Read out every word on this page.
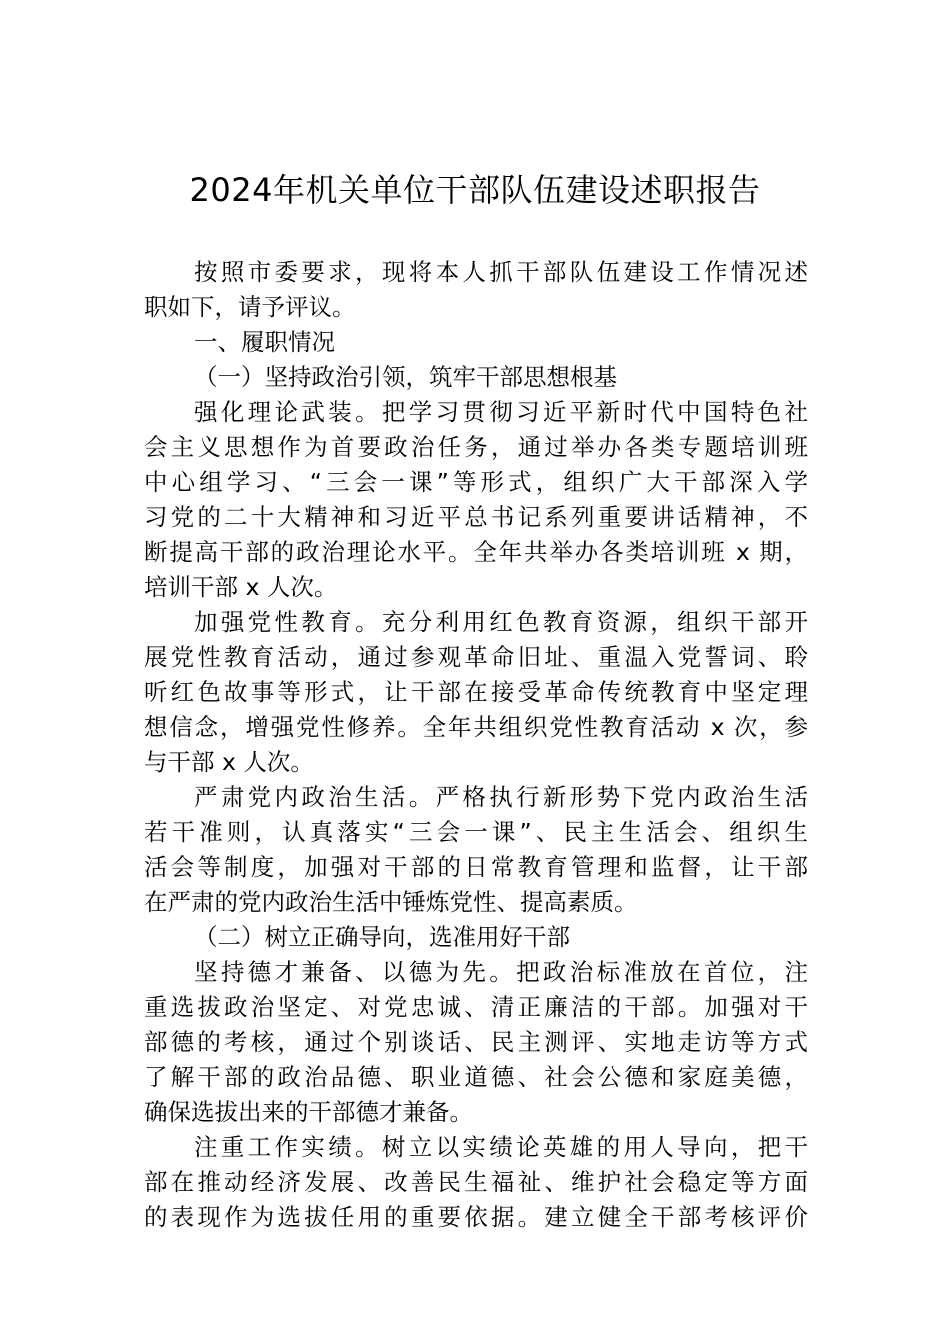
2024年机关单位干部队伍建设述职报告
按照市委要求，现将本人抓干部队伍建设工作情况述
职如下，请予评议。
一、履职情况
（一）坚持政治引领，筑牢干部思想根基
强化理论武装。把学习贯彻习近平新时代中国特色社
会主义思想作为首要政治任务，通过举办各类专题培训班
中心组学习、“三会一课”等形式，组织广大干部深入学
习党的二十大精神和习近平总书记系列重要讲话精神，不
断提高干部的政治理论水平。全年共举办各类培训班 x 期，
培训干部 x 人次。
加强党性教育。充分利用红色教育资源，组织干部开
展党性教育活动，通过参观革命旧址、重温入党誓词、聆
听红色故事等形式，让干部在接受革命传统教育中坚定理
想信念，增强党性修养。全年共组织党性教育活动 x 次，参
与干部 x 人次。
严肃党内政治生活。严格执行新形势下党内政治生活
若干准则，认真落实“三会一课”、民主生活会、组织生
活会等制度，加强对干部的日常教育管理和监督，让干部
在严肃的党内政治生活中锤炼党性、提高素质。
（二）树立正确导向，选准用好干部
坚持德才兼备、以德为先。把政治标准放在首位，注
重选拔政治坚定、对党忠诚、清正廉洁的干部。加强对干
部德的考核，通过个别谈话、民主测评、实地走访等方式
了解干部的政治品德、职业道德、社会公德和家庭美德，
确保选拔出来的干部德才兼备。
注重工作实绩。树立以实绩论英雄的用人导向，把干
部在推动经济发展、改善民生福祉、维护社会稳定等方面
的表现作为选拔任用的重要依据。建立健全干部考核评价
